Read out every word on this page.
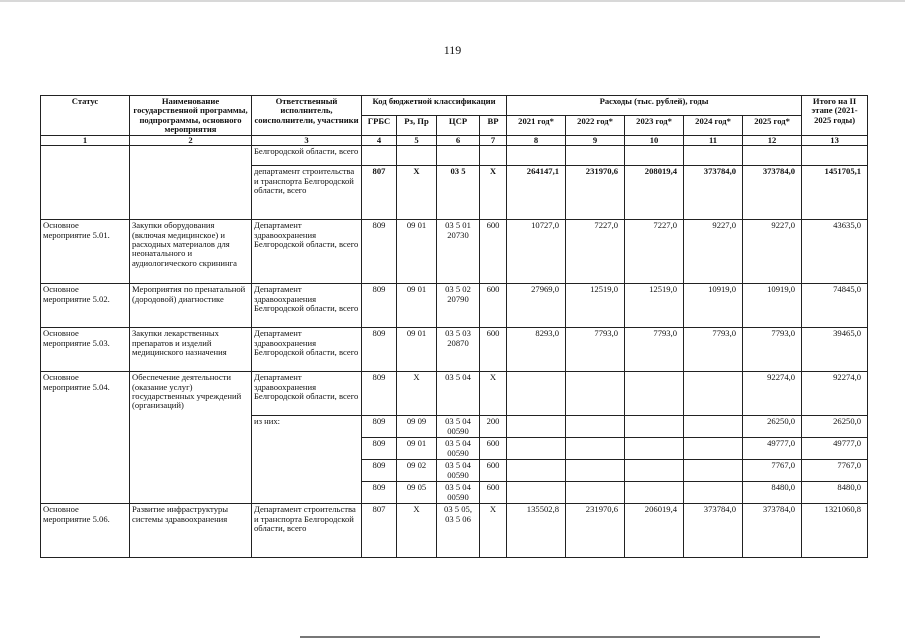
119
Статус	Наименование государственной программы, подпрограммы, основного мероприятия	Ответственный исполнитель, соисполнители, участники	Код бюджетной классификации				Расходы (тыс. рублей), годы					Итого на II этапе (2021-2025 годы)
			ГРБС	Рз, Пр	ЦСР	ВР	2021 год*	2022 год*	2023 год*	2024 год*	2025 год*	
1	2	3	4	5	6	7	8	9	10	11	12	13
		Белгородской области, всего										
		департамент строительства и транспорта Белгородской области, всего	807	X	03 5	X	264147,1	231970,6	208019,4	373784,0	373784,0	1451705,1
Основное мероприятие 5.01.	Закупки оборудования (включая медицинское) и расходных материалов для неонатального и аудиологического скрининга	Департамент здравоохранения Белгородской области, всего	809	09 01	03 5 01 20730	600	10727,0	7227,0	7227,0	9227,0	9227,0	43635,0
Основное мероприятие 5.02.	Мероприятия по пренатальной (дородовой) диагностике	Департамент здравоохранения Белгородской области, всего	809	09 01	03 5 02 20790	600	27969,0	12519,0	12519,0	10919,0	10919,0	74845,0
Основное мероприятие 5.03.	Закупки лекарственных препаратов и изделий медицинского назначения	Департамент здравоохранения Белгородской области, всего	809	09 01	03 5 03 20870	600	8293,0	7793,0	7793,0	7793,0	7793,0	39465,0
Основное мероприятие 5.04.	Обеспечение деятельности (оказание услуг) государственных учреждений (организаций)	Департамент здравоохранения Белгородской области, всего	809	X	03 5 04	X					92274,0	92274,0
		из них:	809	09 09	03 5 04 00590	200					26250,0	26250,0
			809	09 01	03 5 04 00590	600					49777,0	49777,0
			809	09 02	03 5 04 00590	600					7767,0	7767,0
			809	09 05	03 5 04 00590	600					8480,0	8480,0
Основное мероприятие 5.06.	Развитие инфраструктуры системы здравоохранения	Департамент строительства и транспорта Белгородской области, всего	807	X	03 5 05, 03 5 06	X	135502,8	231970,6	206019,4	373784,0	373784,0	1321060,8
